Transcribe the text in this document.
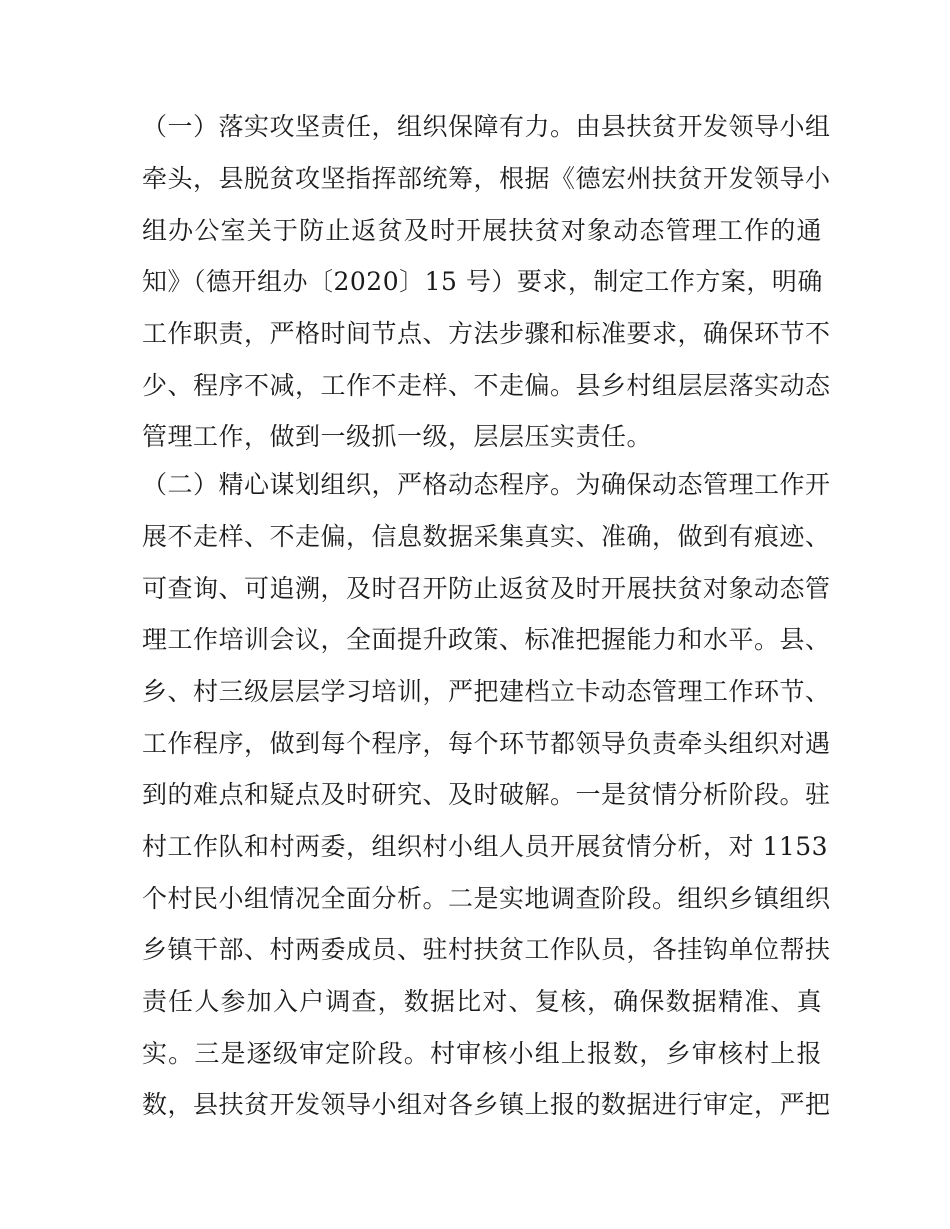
（一）落实攻坚责任，组织保障有力。由县扶贫开发领导小组
牵头，县脱贫攻坚指挥部统筹，根据《德宏州扶贫开发领导小
组办公室关于防止返贫及时开展扶贫对象动态管理工作的通
知》（德开组办〔2020〕15 号）要求，制定工作方案，明确
工作职责，严格时间节点、方法步骤和标准要求，确保环节不
少、程序不减，工作不走样、不走偏。县乡村组层层落实动态
管理工作，做到一级抓一级，层层压实责任。
（二）精心谋划组织，严格动态程序。为确保动态管理工作开
展不走样、不走偏，信息数据采集真实、准确，做到有痕迹、
可查询、可追溯，及时召开防止返贫及时开展扶贫对象动态管
理工作培训会议，全面提升政策、标准把握能力和水平。县、
乡、村三级层层学习培训，严把建档立卡动态管理工作环节、
工作程序，做到每个程序，每个环节都领导负责牵头组织对遇
到的难点和疑点及时研究、及时破解。一是贫情分析阶段。驻
村工作队和村两委，组织村小组人员开展贫情分析，对 1153
个村民小组情况全面分析。二是实地调查阶段。组织乡镇组织
乡镇干部、村两委成员、驻村扶贫工作队员，各挂钩单位帮扶
责任人参加入户调查，数据比对、复核，确保数据精准、真
实。三是逐级审定阶段。村审核小组上报数，乡审核村上报
数，县扶贫开发领导小组对各乡镇上报的数据进行审定，严把
